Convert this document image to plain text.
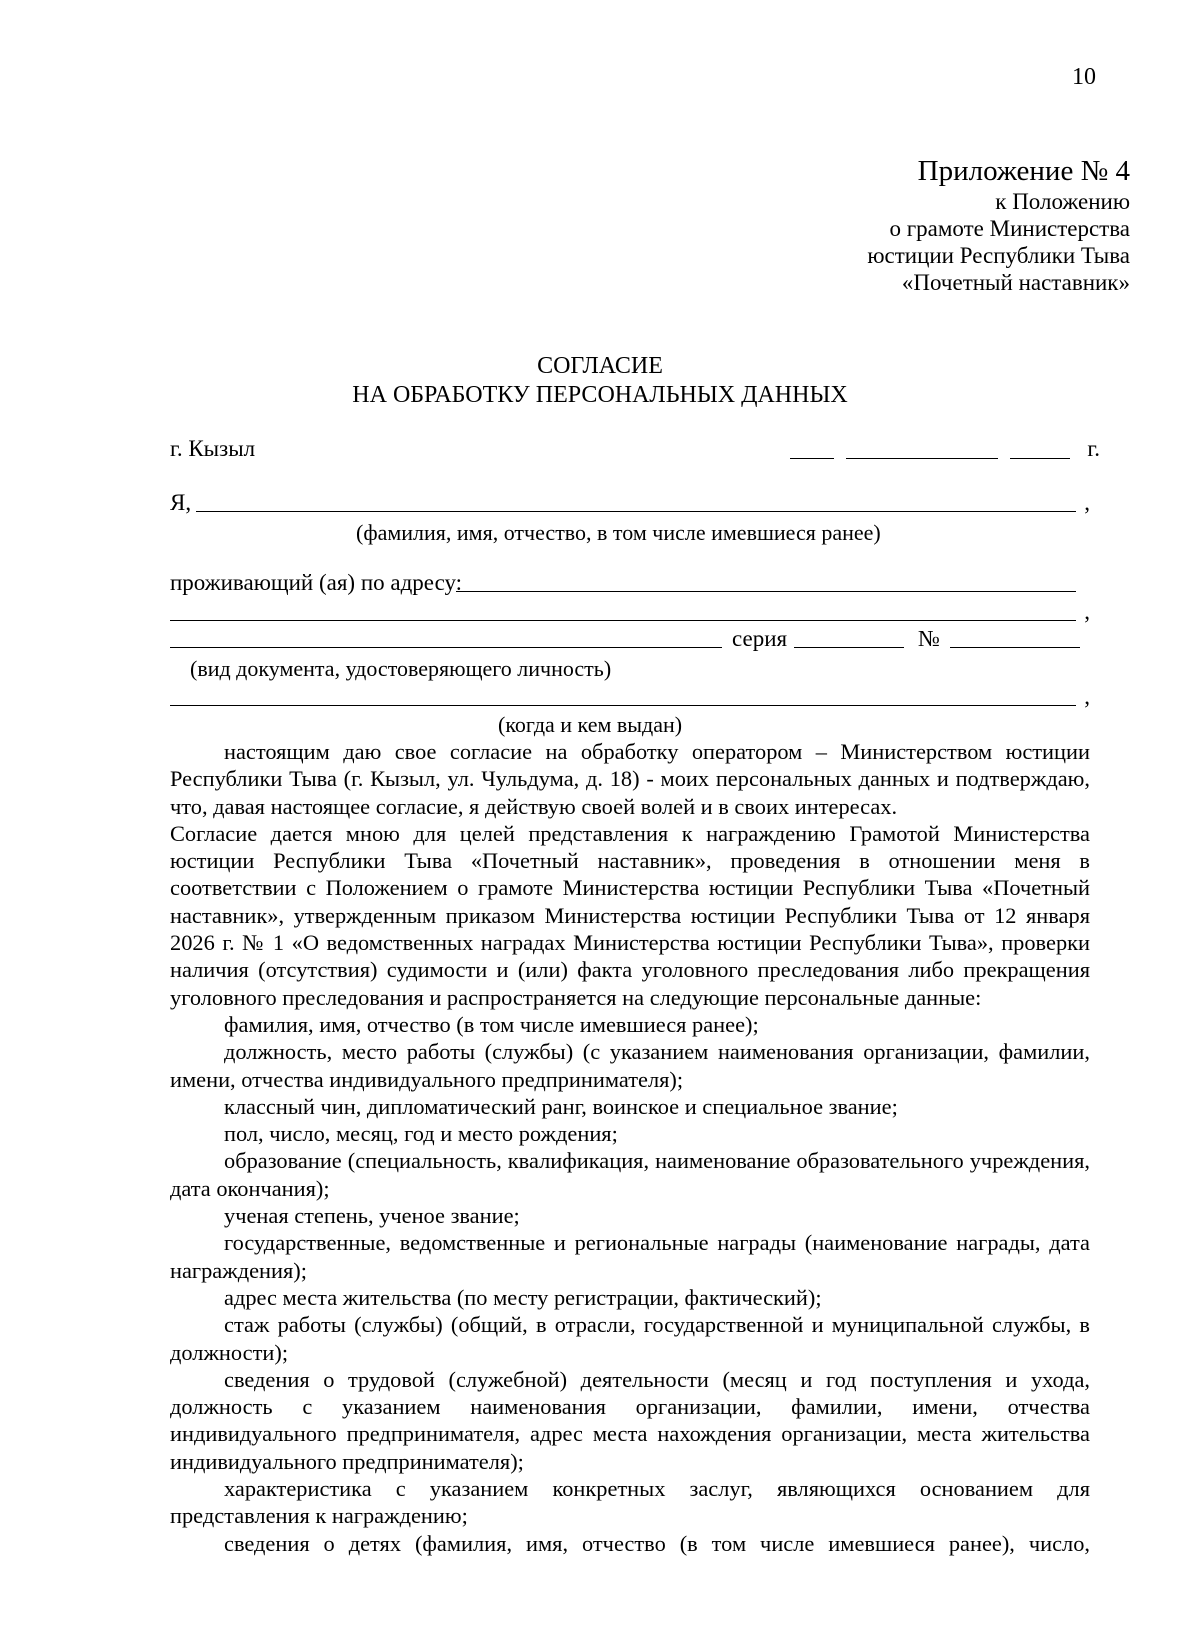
10
Приложение № 4
к Положению
о грамоте Министерства
юстиции Республики Тыва
«Почетный наставник»
СОГЛАСИЕ
НА ОБРАБОТКУ ПЕРСОНАЛЬНЫХ ДАННЫХ
г. Кызыл	г.
Я,	,
(фамилия, имя, отчество, в том числе имевшиеся ранее)
проживающий (ая) по адресу:
,
серия	№
(вид документа, удостоверяющего личность)
,
(когда и кем выдан)

настоящим даю свое согласие на обработку оператором – Министерством юстиции Республики Тыва (г. Кызыл, ул. Чульдума, д. 18) - моих персональных данных и подтверждаю, что, давая настоящее согласие, я действую своей волей и в своих интересах.

Согласие дается мною для целей представления к награждению Грамотой Министерства юстиции Республики Тыва «Почетный наставник», проведения в отношении меня в соответствии с Положением о грамоте Министерства юстиции Республики Тыва «Почетный наставник», утвержденным приказом Министерства юстиции Республики Тыва от 12 января 2026 г. № 1 «О ведомственных наградах Министерства юстиции Республики Тыва», проверки наличия (отсутствия) судимости и (или) факта уголовного преследования либо прекращения уголовного преследования и распространяется на следующие персональные данные:

фамилия, имя, отчество (в том числе имевшиеся ранее);

должность, место работы (службы) (с указанием наименования организации, фамилии, имени, отчества индивидуального предпринимателя);

классный чин, дипломатический ранг, воинское и специальное звание;

пол, число, месяц, год и место рождения;

образование (специальность, квалификация, наименование образовательного учреждения, дата окончания);

ученая степень, ученое звание;

государственные, ведомственные и региональные награды (наименование награды, дата награждения);

адрес места жительства (по месту регистрации, фактический);

стаж работы (службы) (общий, в отрасли, государственной и муниципальной службы, в должности);

сведения о трудовой (служебной) деятельности (месяц и год поступления и ухода, должность с указанием наименования организации, фамилии, имени, отчества индивидуального предпринимателя, адрес места нахождения организации, места жительства индивидуального предпринимателя);

характеристика с указанием конкретных заслуг, являющихся основанием для представления к награждению;

сведения о детях (фамилия, имя, отчество (в том числе имевшиеся ранее), число,
